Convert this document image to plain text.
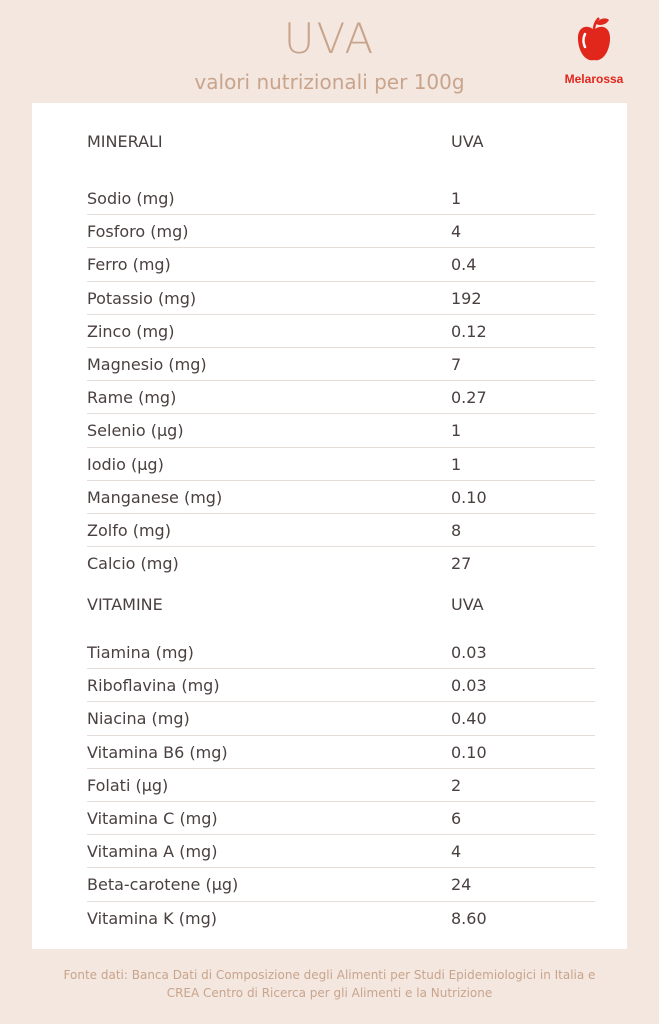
UVA

valori nutrizionali per 100g	Melarossa
MINERALI	UVA
Sodio (mg)	1
Fosforo (mg)	4
Ferro (mg)	0.4
Potassio (mg)	192
Zinco (mg)	0.12
Magnesio (mg)	7
Rame (mg)	0.27
Selenio (µg)	1
Iodio (µg)	1
Manganese (mg)	0.10
Zolfo (mg)	8
Calcio (mg)	27
VITAMINE	UVA
Tiamina (mg)	0.03
Riboflavina (mg)	0.03
Niacina (mg)	0.40
Vitamina B6 (mg)	0.10
Folati (µg)	2
Vitamina C (mg)	6
Vitamina A (mg)	4
Beta-carotene (µg)	24
Vitamina K (mg)	8.60
Fonte dati: Banca Dati di Composizione degli Alimenti per Studi Epidemiologici in Italia e
CREA Centro di Ricerca per gli Alimenti e la Nutrizione
